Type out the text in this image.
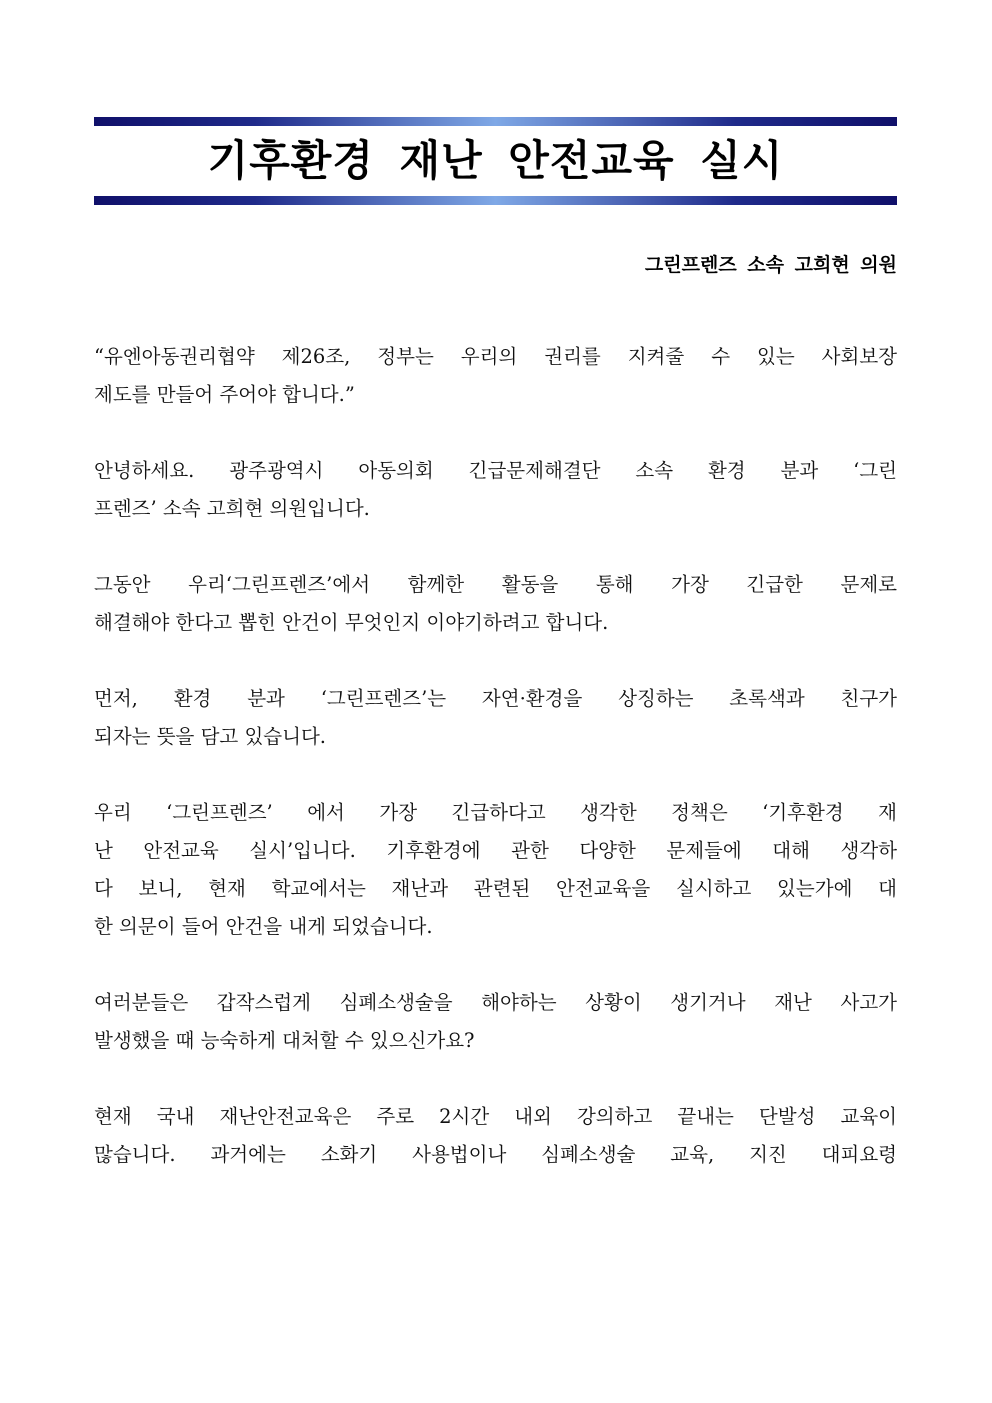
기후환경 재난 안전교육 실시
그린프렌즈 소속 고희현 의원
“유엔아동권리협약 제26조, 정부는 우리의 권리를 지켜줄 수 있는 사회보장
제도를 만들어 주어야 합니다.”
안녕하세요. 광주광역시 아동의회 긴급문제해결단 소속 환경 분과 ‘그린
프렌즈’ 소속 고희현 의원입니다.
그동안 우리‘그린프렌즈’에서 함께한 활동을 통해 가장 긴급한 문제로
해결해야 한다고 뽑힌 안건이 무엇인지 이야기하려고 합니다.
먼저, 환경 분과 ‘그린프렌즈’는 자연·환경을 상징하는 초록색과 친구가
되자는 뜻을 담고 있습니다.
우리 ‘그린프렌즈’ 에서 가장 긴급하다고 생각한 정책은 ‘기후환경 재
난 안전교육 실시’입니다. 기후환경에 관한 다양한 문제들에 대해 생각하
다 보니, 현재 학교에서는 재난과 관련된 안전교육을 실시하고 있는가에 대
한 의문이 들어 안건을 내게 되었습니다.
여러분들은 갑작스럽게 심폐소생술을 해야하는 상황이 생기거나 재난 사고가
발생했을 때 능숙하게 대처할 수 있으신가요?
현재 국내 재난안전교육은 주로 2시간 내외 강의하고 끝내는 단발성 교육이
많습니다. 과거에는 소화기 사용법이나 심폐소생술 교육, 지진 대피요령
